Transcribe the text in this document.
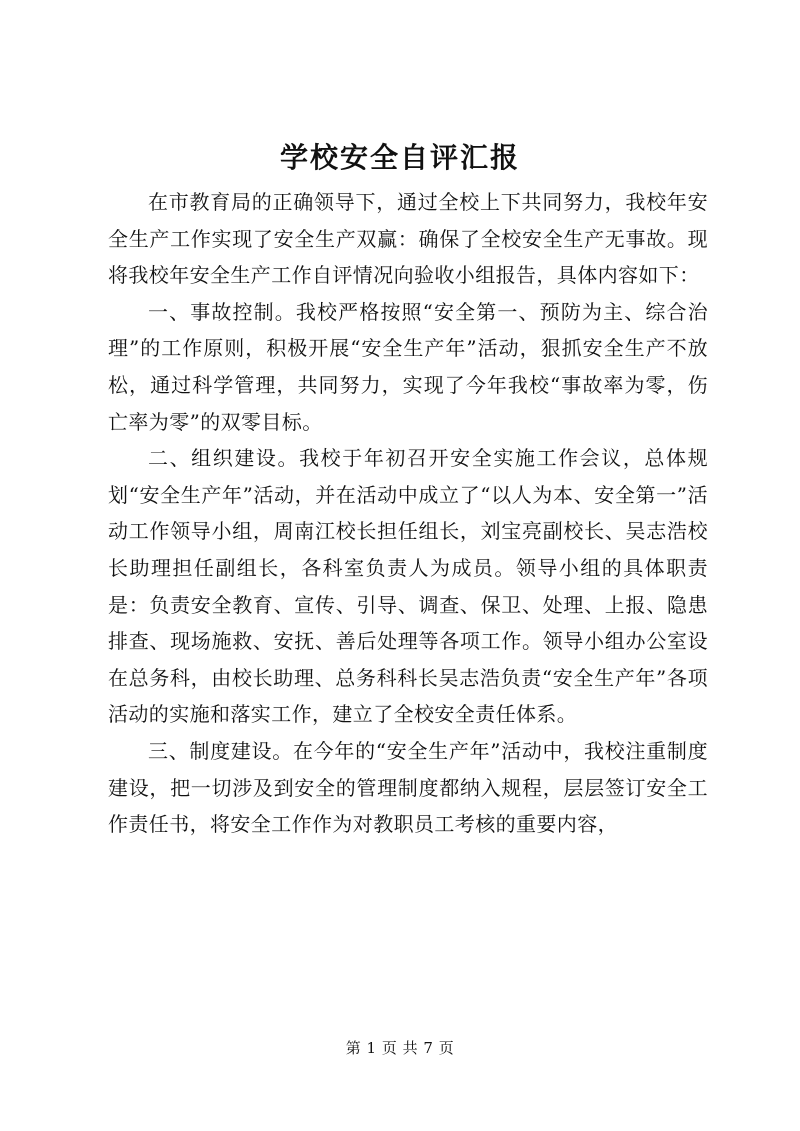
学校安全自评汇报

在市教育局的正确领导下，通过全校上下共同努力，我校年安全生产工作实现了安全生产双赢：确保了全校安全生产无事故。现将我校年安全生产工作自评情况向验收小组报告，具体内容如下：

一、事故控制。我校严格按照“安全第一、预防为主、综合治理”的工作原则，积极开展“安全生产年”活动，狠抓安全生产不放松，通过科学管理，共同努力，实现了今年我校“事故率为零，伤亡率为零”的双零目标。

二、组织建设。我校于年初召开安全实施工作会议，总体规划“安全生产年”活动，并在活动中成立了“以人为本、安全第一”活动工作领导小组，周南江校长担任组长，刘宝亮副校长、吴志浩校长助理担任副组长，各科室负责人为成员。领导小组的具体职责是：负责安全教育、宣传、引导、调查、保卫、处理、上报、隐患排查、现场施救、安抚、善后处理等各项工作。领导小组办公室设在总务科，由校长助理、总务科科长吴志浩负责“安全生产年”各项活动的实施和落实工作，建立了全校安全责任体系。

三、制度建设。在今年的“安全生产年”活动中，我校注重制度建设，把一切涉及到安全的管理制度都纳入规程，层层签订安全工作责任书，将安全工作作为对教职员工考核的重要内容，

第 1 页 共 7 页
